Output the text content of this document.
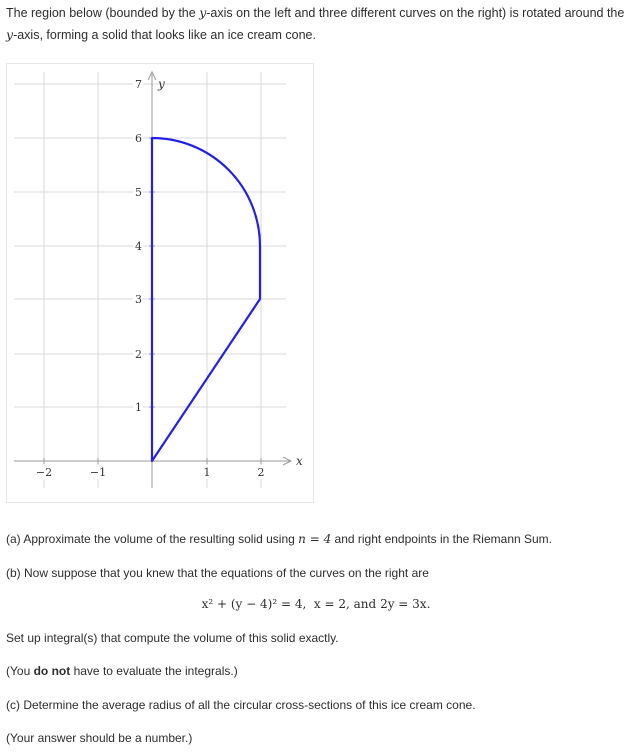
The region below (bounded by the y-axis on the left and three different curves on the right) is rotated around the y-axis, forming a solid that looks like an ice cream cone.
−2	−1	1	2
1
2
3
4
5
6
7 y
x
(a) Approximate the volume of the resulting solid using n = 4 and right endpoints in the Riemann Sum.
(b) Now suppose that you knew that the equations of the curves on the right are
x² + (y − 4)² = 4, x = 2, and 2y = 3x.
Set up integral(s) that compute the volume of this solid exactly.
(You do not have to evaluate the integrals.)
(c) Determine the average radius of all the circular cross-sections of this ice cream cone.
(Your answer should be a number.)
